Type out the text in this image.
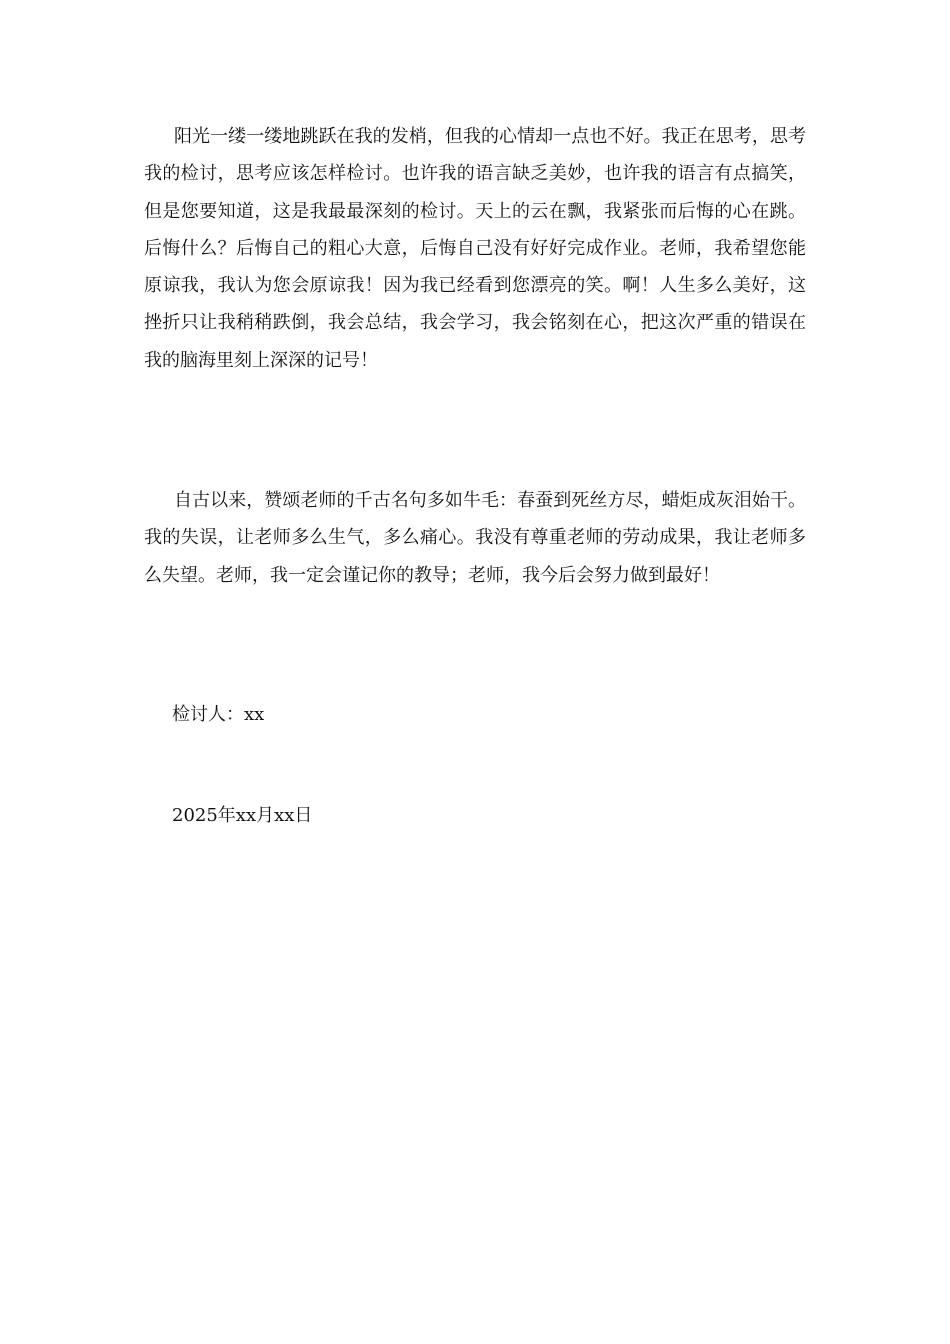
阳光一缕一缕地跳跃在我的发梢，但我的心情却一点也不好。我正在思考，思考我的检讨，思考应该怎样检讨。也许我的语言缺乏美妙，也许我的语言有点搞笑，但是您要知道，这是我最最深刻的检讨。天上的云在飘，我紧张而后悔的心在跳。后悔什么？后悔自己的粗心大意，后悔自己没有好好完成作业。老师，我希望您能原谅我，我认为您会原谅我！因为我已经看到您漂亮的笑。啊！人生多么美好，这挫折只让我稍稍跌倒，我会总结，我会学习，我会铭刻在心，把这次严重的错误在我的脑海里刻上深深的记号！

自古以来，赞颂老师的千古名句多如牛毛：春蚕到死丝方尽，蜡炬成灰泪始干。我的失误，让老师多么生气，多么痛心。我没有尊重老师的劳动成果，我让老师多么失望。老师，我一定会谨记你的教导；老师，我今后会努力做到最好！

检讨人：xx

2025年xx月xx日
